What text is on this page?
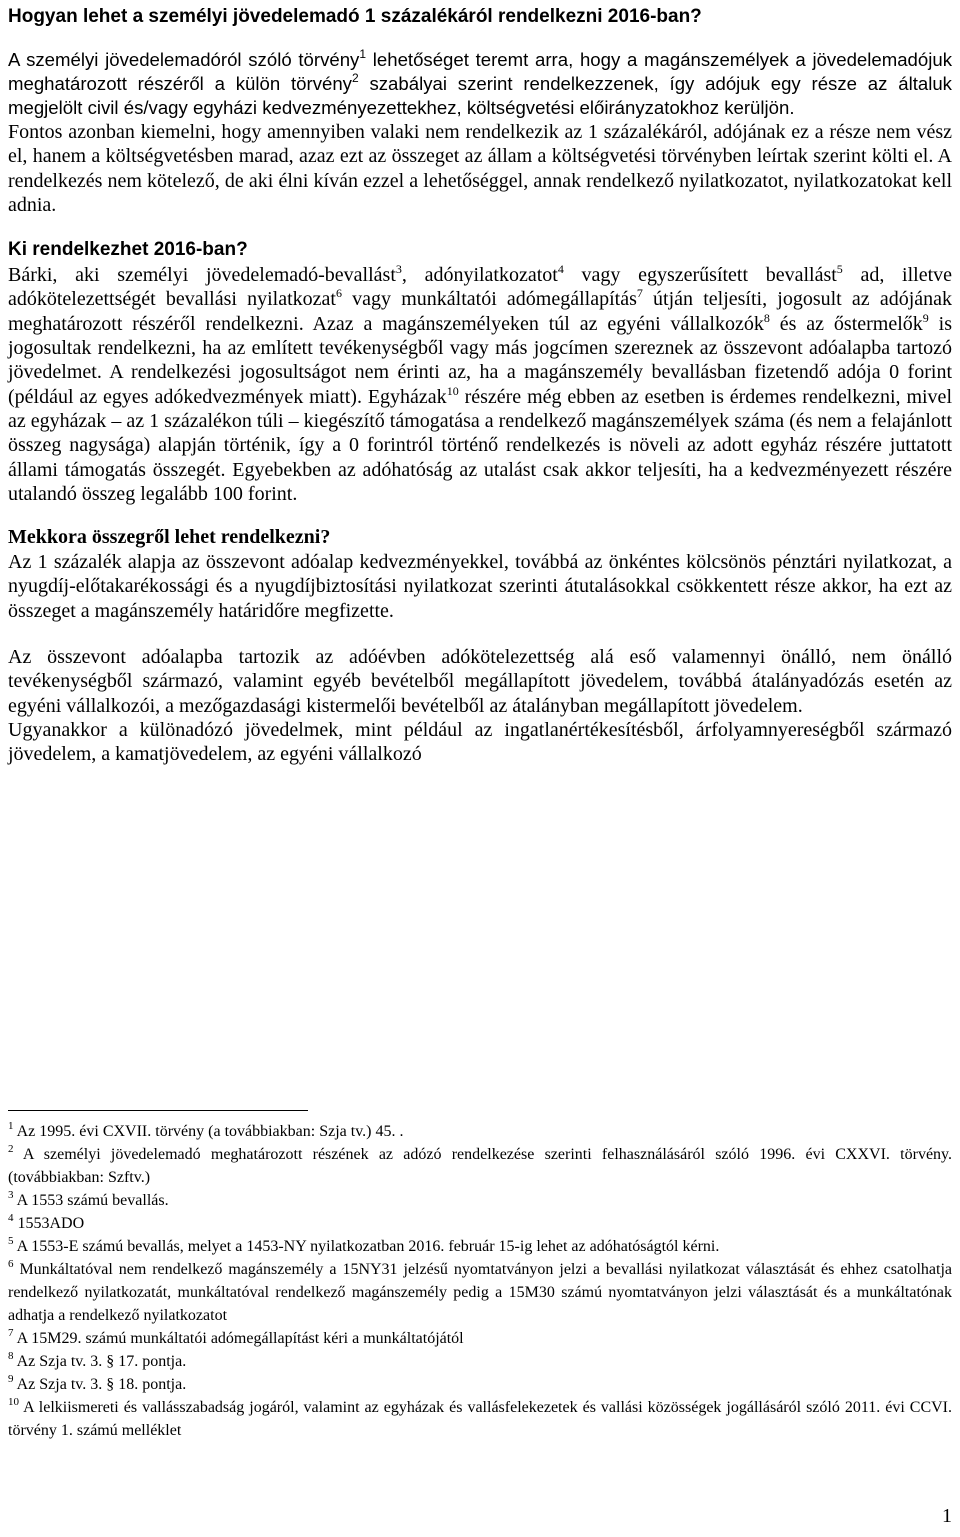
Hogyan lehet a személyi jövedelemadó 1 százalékáról rendelkezni 2016-ban?

A személyi jövedelemadóról szóló törvény$^1$ lehetőséget teremt arra, hogy a magánszemélyek a jövedelemadójuk meghatározott részéről a külön törvény$^2$ szabályai szerint rendelkezzenek, így adójuk egy része az általuk megjelölt civil és/vagy egyházi kedvezményezettekhez, költségvetési előirányzatokhoz kerüljön.

Fontos azonban kiemelni, hogy amennyiben valaki nem rendelkezik az 1 százalékáról, adójának ez a része nem vész el, hanem a költségvetésben marad, azaz ezt az összeget az állam a költségvetési törvényben leírtak szerint költi el. A rendelkezés nem kötelező, de aki élni kíván ezzel a lehetőséggel, annak rendelkező nyilatkozatot, nyilatkozatokat kell adnia.

Ki rendelkezhet 2016-ban?

Bárki, aki személyi jövedelemadó-bevallást$^3$, adónyilatkozatot$^4$ vagy egyszerűsített bevallást$^5$ ad, illetve adókötelezettségét bevallási nyilatkozat$^6$ vagy munkáltatói adómegállapítás$^7$ útján teljesíti, jogosult az adójának meghatározott részéről rendelkezni. Azaz a magánszemélyeken túl az egyéni vállalkozók$^8$ és az őstermelők$^9$ is jogosultak rendelkezni, ha az említett tevékenységből vagy más jogcímen szereznek az összevont adóalapba tartozó jövedelmet. A rendelkezési jogosultságot nem érinti az, ha a magánszemély bevallásban fizetendő adója 0 forint (például az egyes adókedvezmények miatt). Egyházak$^{10}$ részére még ebben az esetben is érdemes rendelkezni, mivel az egyházak – az 1 százalékon túli – kiegészítő támogatása a rendelkező magánszemélyek száma (és nem a felajánlott összeg nagysága) alapján történik, így a 0 forintról történő rendelkezés is növeli az adott egyház részére juttatott állami támogatás összegét. Egyebekben az adóhatóság az utalást csak akkor teljesíti, ha a kedvezményezett részére utalandó összeg legalább 100 forint.

Mekkora összegről lehet rendelkezni?

Az 1 százalék alapja az összevont adóalap kedvezményekkel, továbbá az önkéntes kölcsönös pénztári nyilatkozat, a nyugdíj-előtakarékossági és a nyugdíjbiztosítási nyilatkozat szerinti átutalásokkal csökkentett része akkor, ha ezt az összeget a magánszemély határidőre megfizette.

Az összevont adóalapba tartozik az adóévben adókötelezettség alá eső valamennyi önálló, nem önálló tevékenységből származó, valamint egyéb bevételből megállapított jövedelem, továbbá átalányadózás esetén az egyéni vállalkozói, a mezőgazdasági kistermelői bevételből az átalányban megállapított jövedelem.

Ugyanakkor a különadózó jövedelmek, mint például az ingatlanértékesítésből, árfolyamnyereségből származó jövedelem, a kamatjövedelem, az egyéni vállalkozó

$^1$ Az 1995. évi CXVII. törvény (a továbbiakban: Szja tv.) 45. .

$^2$ A személyi jövedelemadó meghatározott részének az adózó rendelkezése szerinti felhasználásáról szóló 1996. évi CXXVI. törvény. (továbbiakban: Szftv.)

$^3$ A 1553 számú bevallás.

$^4$ 1553ADO

$^5$ A 1553-E számú bevallás, melyet a 1453-NY nyilatkozatban 2016. február 15-ig lehet az adóhatóságtól kérni.

$^6$ Munkáltatóval nem rendelkező magánszemély a 15NY31 jelzésű nyomtatványon jelzi a bevallási nyilatkozat választását és ehhez csatolhatja rendelkező nyilatkozatát, munkáltatóval rendelkező magánszemély pedig a 15M30 számú nyomtatványon jelzi választását és a munkáltatónak adhatja a rendelkező nyilatkozatot

$^7$ A 15M29. számú munkáltatói adómegállapítást kéri a munkáltatójától

$^8$ Az Szja tv. 3. § 17. pontja.

$^9$ Az Szja tv. 3. § 18. pontja.

$^{10}$ A lelkiismereti és vallásszabadság jogáról, valamint az egyházak és vallásfelekezetek és vallási közösségek jogállásáról szóló 2011. évi CCVI. törvény 1. számú melléklet

1
